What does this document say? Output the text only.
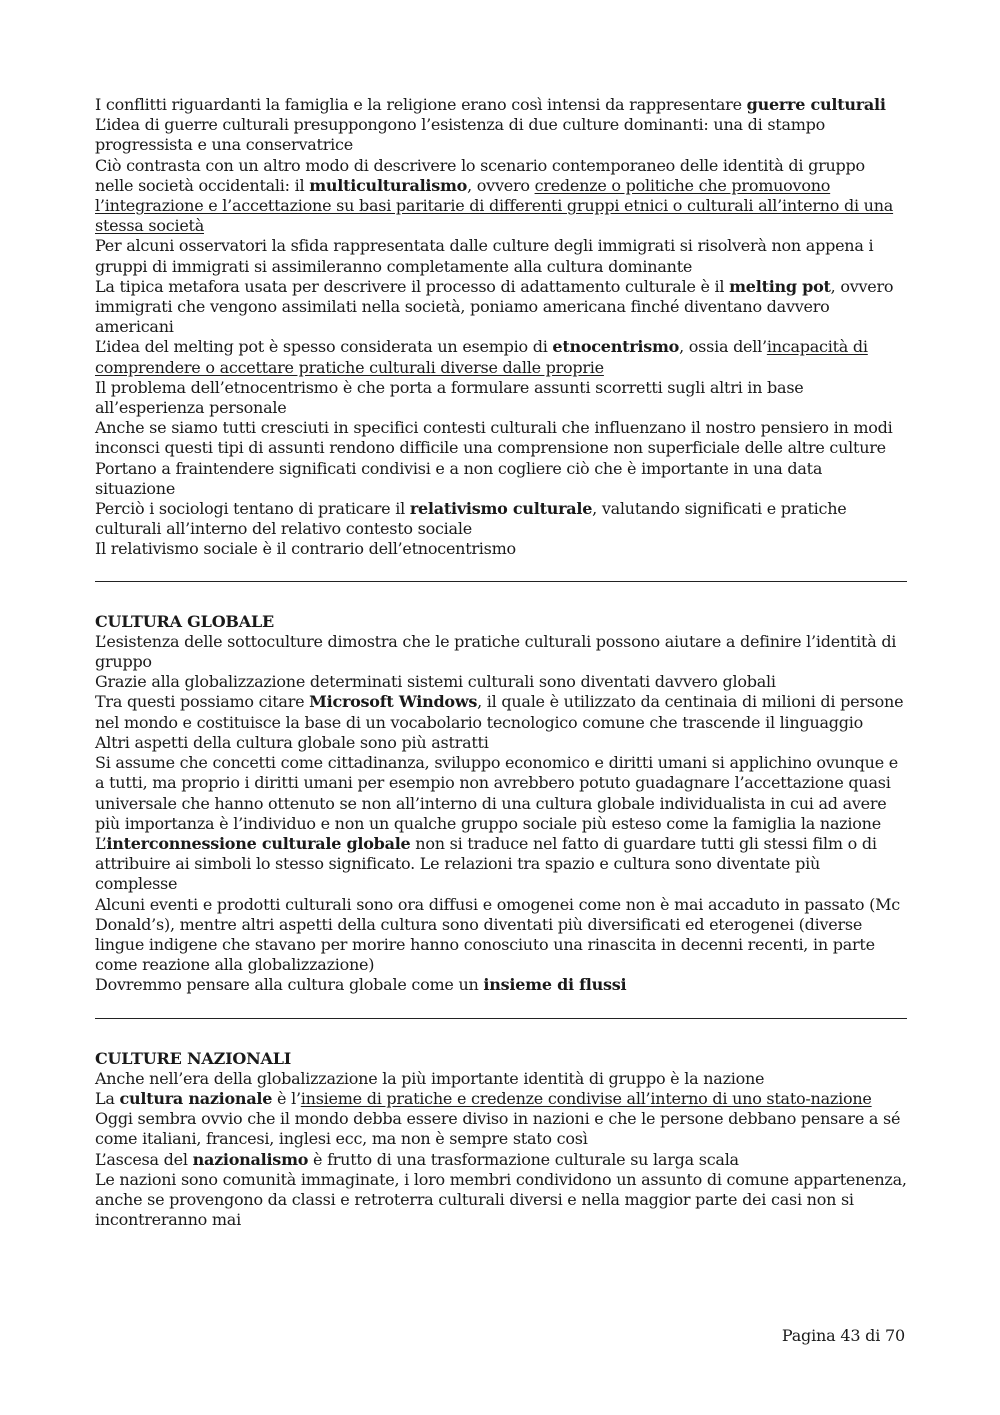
I conflitti riguardanti la famiglia e la religione erano così intensi da rappresentare guerre culturali

L’idea di guerre culturali presuppongono l’esistenza di due culture dominanti: una di stampo progressista e una conservatrice

Ciò contrasta con un altro modo di descrivere lo scenario contemporaneo delle identità di gruppo nelle società occidentali: il multiculturalismo, ovvero credenze o politiche che promuovono l’integrazione e l’accettazione su basi paritarie di differenti gruppi etnici o culturali all’interno di una stessa società

Per alcuni osservatori la sfida rappresentata dalle culture degli immigrati si risolverà non appena i gruppi di immigrati si assimileranno completamente alla cultura dominante

La tipica metafora usata per descrivere il processo di adattamento culturale è il melting pot, ovvero immigrati che vengono assimilati nella società, poniamo americana finché diventano davvero americani

L’idea del melting pot è spesso considerata un esempio di etnocentrismo, ossia dell’incapacità di comprendere o accettare pratiche culturali diverse dalle proprie

Il problema dell’etnocentrismo è che porta a formulare assunti scorretti sugli altri in base all’esperienza personale

Anche se siamo tutti cresciuti in specifici contesti culturali che influenzano il nostro pensiero in modi inconsci questi tipi di assunti rendono difficile una comprensione non superficiale delle altre culture

Portano a fraintendere significati condivisi e a non cogliere ciò che è importante in una data situazione

Perciò i sociologi tentano di praticare il relativismo culturale, valutando significati e pratiche culturali all’interno del relativo contesto sociale

Il relativismo sociale è il contrario dell’etnocentrismo

CULTURA GLOBALE

L’esistenza delle sottoculture dimostra che le pratiche culturali possono aiutare a definire l’identità di gruppo

Grazie alla globalizzazione determinati sistemi culturali sono diventati davvero globali

Tra questi possiamo citare Microsoft Windows, il quale è utilizzato da centinaia di milioni di persone nel mondo e costituisce la base di un vocabolario tecnologico comune che trascende il linguaggio

Altri aspetti della cultura globale sono più astratti

Si assume che concetti come cittadinanza, sviluppo economico e diritti umani si applichino ovunque e a tutti, ma proprio i diritti umani per esempio non avrebbero potuto guadagnare l’accettazione quasi universale che hanno ottenuto se non all’interno di una cultura globale individualista in cui ad avere più importanza è l’individuo e non un qualche gruppo sociale più esteso come la famiglia la nazione

L’interconnessione culturale globale non si traduce nel fatto di guardare tutti gli stessi film o di attribuire ai simboli lo stesso significato. Le relazioni tra spazio e cultura sono diventate più complesse

Alcuni eventi e prodotti culturali sono ora diffusi e omogenei come non è mai accaduto in passato (Mc Donald’s), mentre altri aspetti della cultura sono diventati più diversificati ed eterogenei (diverse lingue indigene che stavano per morire hanno conosciuto una rinascita in decenni recenti, in parte come reazione alla globalizzazione)

Dovremmo pensare alla cultura globale come un insieme di flussi

CULTURE NAZIONALI

Anche nell’era della globalizzazione la più importante identità di gruppo è la nazione

La cultura nazionale è l’insieme di pratiche e credenze condivise all’interno di uno stato-nazione

Oggi sembra ovvio che il mondo debba essere diviso in nazioni e che le persone debbano pensare a sé come italiani, francesi, inglesi ecc, ma non è sempre stato così

L’ascesa del nazionalismo è frutto di una trasformazione culturale su larga scala

Le nazioni sono comunità immaginate, i loro membri condividono un assunto di comune appartenenza, anche se provengono da classi e retroterra culturali diversi e nella maggior parte dei casi non si incontreranno mai

Pagina 43 di 70
